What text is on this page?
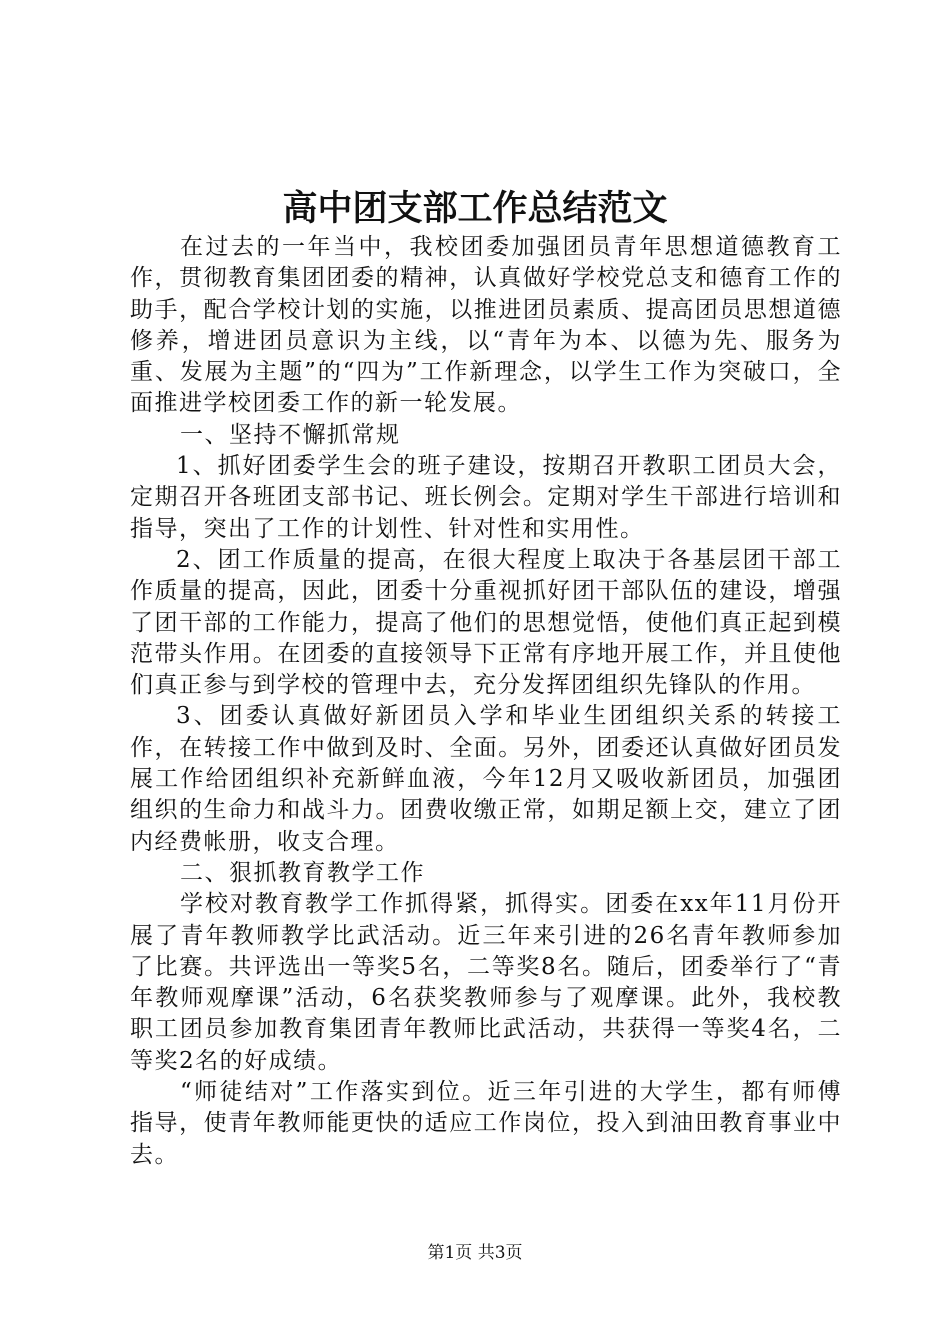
高中团支部工作总结范文

在过去的一年当中，我校团委加强团员青年思想道德教育工作，贯彻教育集团团委的精神，认真做好学校党总支和德育工作的助手，配合学校计划的实施，以推进团员素质、提高团员思想道德修养，增进团员意识为主线，以“青年为本、以德为先、服务为重、发展为主题”的“四为”工作新理念，以学生工作为突破口，全面推进学校团委工作的新一轮发展。

一、坚持不懈抓常规

1、抓好团委学生会的班子建设，按期召开教职工团员大会，定期召开各班团支部书记、班长例会。定期对学生干部进行培训和指导，突出了工作的计划性、针对性和实用性。

2、团工作质量的提高，在很大程度上取决于各基层团干部工作质量的提高，因此，团委十分重视抓好团干部队伍的建设，增强了团干部的工作能力，提高了他们的思想觉悟，使他们真正起到模范带头作用。在团委的直接领导下正常有序地开展工作，并且使他们真正参与到学校的管理中去，充分发挥团组织先锋队的作用。

3、团委认真做好新团员入学和毕业生团组织关系的转接工作，在转接工作中做到及时、全面。另外，团委还认真做好团员发展工作给团组织补充新鲜血液，今年12月又吸收新团员，加强团组织的生命力和战斗力。团费收缴正常，如期足额上交，建立了团内经费帐册，收支合理。

二、狠抓教育教学工作

学校对教育教学工作抓得紧，抓得实。团委在xx年11月份开展了青年教师教学比武活动。近三年来引进的26名青年教师参加了比赛。共评选出一等奖5名，二等奖8名。随后，团委举行了“青年教师观摩课”活动，6名获奖教师参与了观摩课。此外，我校教职工团员参加教育集团青年教师比武活动，共获得一等奖4名，二等奖2名的好成绩。

“师徒结对”工作落实到位。近三年引进的大学生，都有师傅指导，使青年教师能更快的适应工作岗位，投入到油田教育事业中去。

第1页 共3页
